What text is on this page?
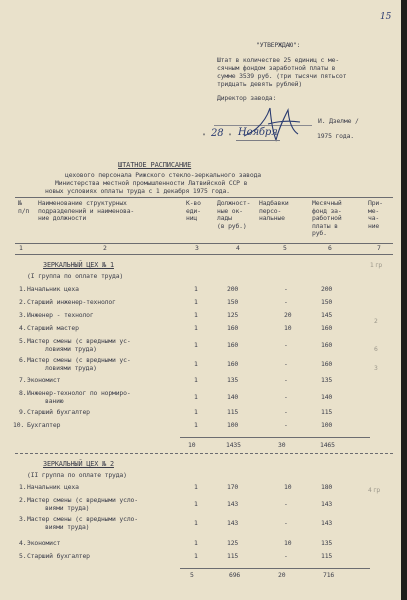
15
"УТВЕРЖДАЮ":
Штат в количестве 25 единиц с ме-
сячным фондом заработной платы в
сумме 3539 руб. (три тысячи пятьсот
тридцать девять рублей)
Директор завода:
И. Дзелме /
" 28 " Ноября	1975 года.
ШТАТНОЕ РАСПИСАНИЕ
цехового персонала Рижского стекло-зеркального завода
Министерства местной промышленности Латвийской ССР в
новых условиях оплаты труда с 1 декабря 1975 года.
№
п/п
Наименование структурных
подразделений и наименова-
ние должности
К-во
еди-
ниц
Должност-
ные ок-
лады
(в руб.)
Надбавки
персо-
нальные
Месячный
фонд за-
работной
платы в
руб.
При-
ме-
ча-
ние
1	2	3	4	5	6	7
1 гр
2
6
3
4 гр
ЗЕРКАЛЬНЫЙ ЦЕХ № 1
(I группа по оплате труда)
1. Начальник цеха	1	200	-	200
2. Старший инженер-технолог	1	150	-	150
3. Инженер - технолог	1	125	20	145
4. Старший мастер	1	160	10	160
5. Мастер смены (с вредными ус-
ловиями труда)	1	160	-	160
6. Мастер смены (с вредными ус-
ловиями труда)	1	160	-	160
7. Экономист	1	135	-	135
8. Инженер-технолог по нормиро-
ванию	1	140	-	140
9. Старший бухгалтер	1	115	-	115
10. Бухгалтер	1	100	-	100
10	1435	30	1465
ЗЕРКАЛЬНЫЙ ЦЕХ № 2
(II группа по оплате труда)
1. Начальник цеха	1	170	10	180
2. Мастер смены (с вредными усло-
виями труда)	1	143	-	143
3. Мастер смены (с вредными усло-
виями труда)	1	143	-	143
4. Экономист	1	125	10	135
5. Старший бухгалтер	1	115	-	115
5	696	20	716
